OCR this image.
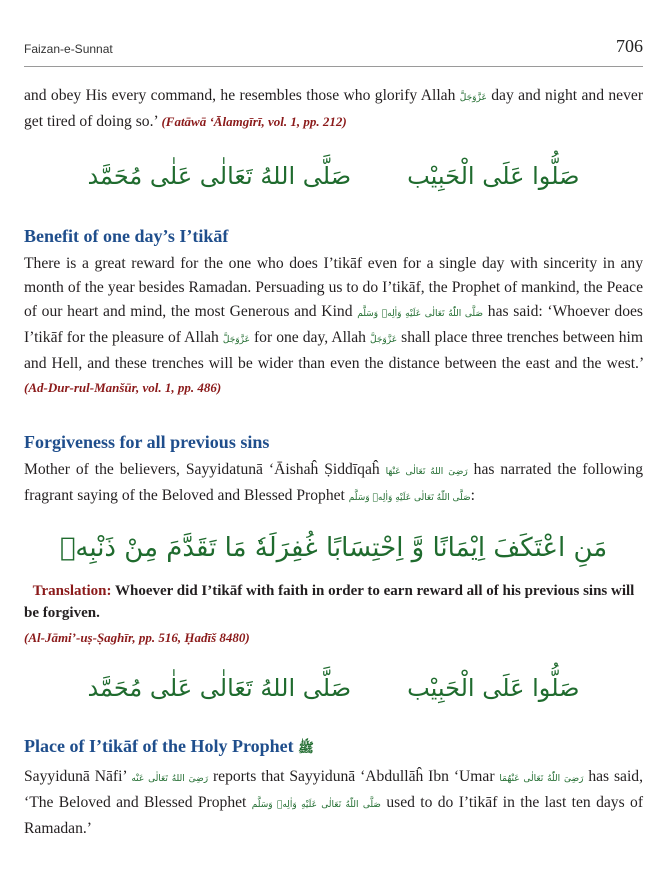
Faizan-e-Sunnat	706

and obey His every command, he resembles those who glorify Allah عَزَّوَجَلَّ day and night and never get tired of doing so.’ (Fatāwā ‘Ālamgīrī, vol. 1, pp. 212)

صَلُّوا عَلَى الْحَبِيْبصَلَّى اللهُ تَعَالٰى عَلٰى مُحَمَّد
Benefit of one day’s I’tikāf

There is a great reward for the one who does I’tikāf even for a single day with sincerity in any month of the year besides Ramadan. Persuading us to do I’tikāf, the Prophet of mankind, the Peace of our heart and mind, the most Generous and Kind صَلَّى اللّٰهُ تَعَالٰی عَلَيْهِ وَاٰلِهٖ وَسَلَّم has said: ‘Whoever does I’tikāf for the pleasure of Allah عَزَّوَجَلَّ for one day, Allah عَزَّوَجَلَّ shall place three trenches between him and Hell, and these trenches will be wider than even the distance between the east and the west.’ (Ad-Dur-rul-Manšūr, vol. 1, pp. 486)

Forgiveness for all previous sins

Mother of the believers, Sayyidatunā ‘Āishaĥ Ṣiddīqaĥ رَضِیَ اللهُ تَعَالٰی عَنْهَا has narrated the following fragrant saying of the Beloved and Blessed Prophet صَلَّى اللّٰهُ تَعَالٰی عَلَيْهِ وَاٰلِهٖ وَسَلَّم:

مَنِ اعْتَكَفَ اِيْمَانًا وَّ اِحْتِسَابًا غُفِرَلَهٗ مَا تَقَدَّمَ مِنْ ذَنْبِهٖ

Translation: Whoever did I’tikāf with faith in order to earn reward all of his previous sins will be forgiven.

(Al-Jāmi’-uṣ-Ṣaghīr, pp. 516, Ḥadīš 8480)

صَلُّوا عَلَى الْحَبِيْبصَلَّى اللهُ تَعَالٰى عَلٰى مُحَمَّد
Place of I’tikāf of the Holy Prophet ﷺ

Sayyidunā Nāfi’ رَضِیَ اللهُ تَعَالٰی عَنْه reports that Sayyidunā ‘Abdullāĥ Ibn ‘Umar رَضِیَ اللّٰهُ تَعَالٰی عَنْهُمَا has said, ‘The Beloved and Blessed Prophet صَلَّى اللّٰهُ تَعَالٰی عَلَيْهِ وَاٰلِهٖ وَسَلَّم used to do I’tikāf in the last ten days of Ramadan.’
